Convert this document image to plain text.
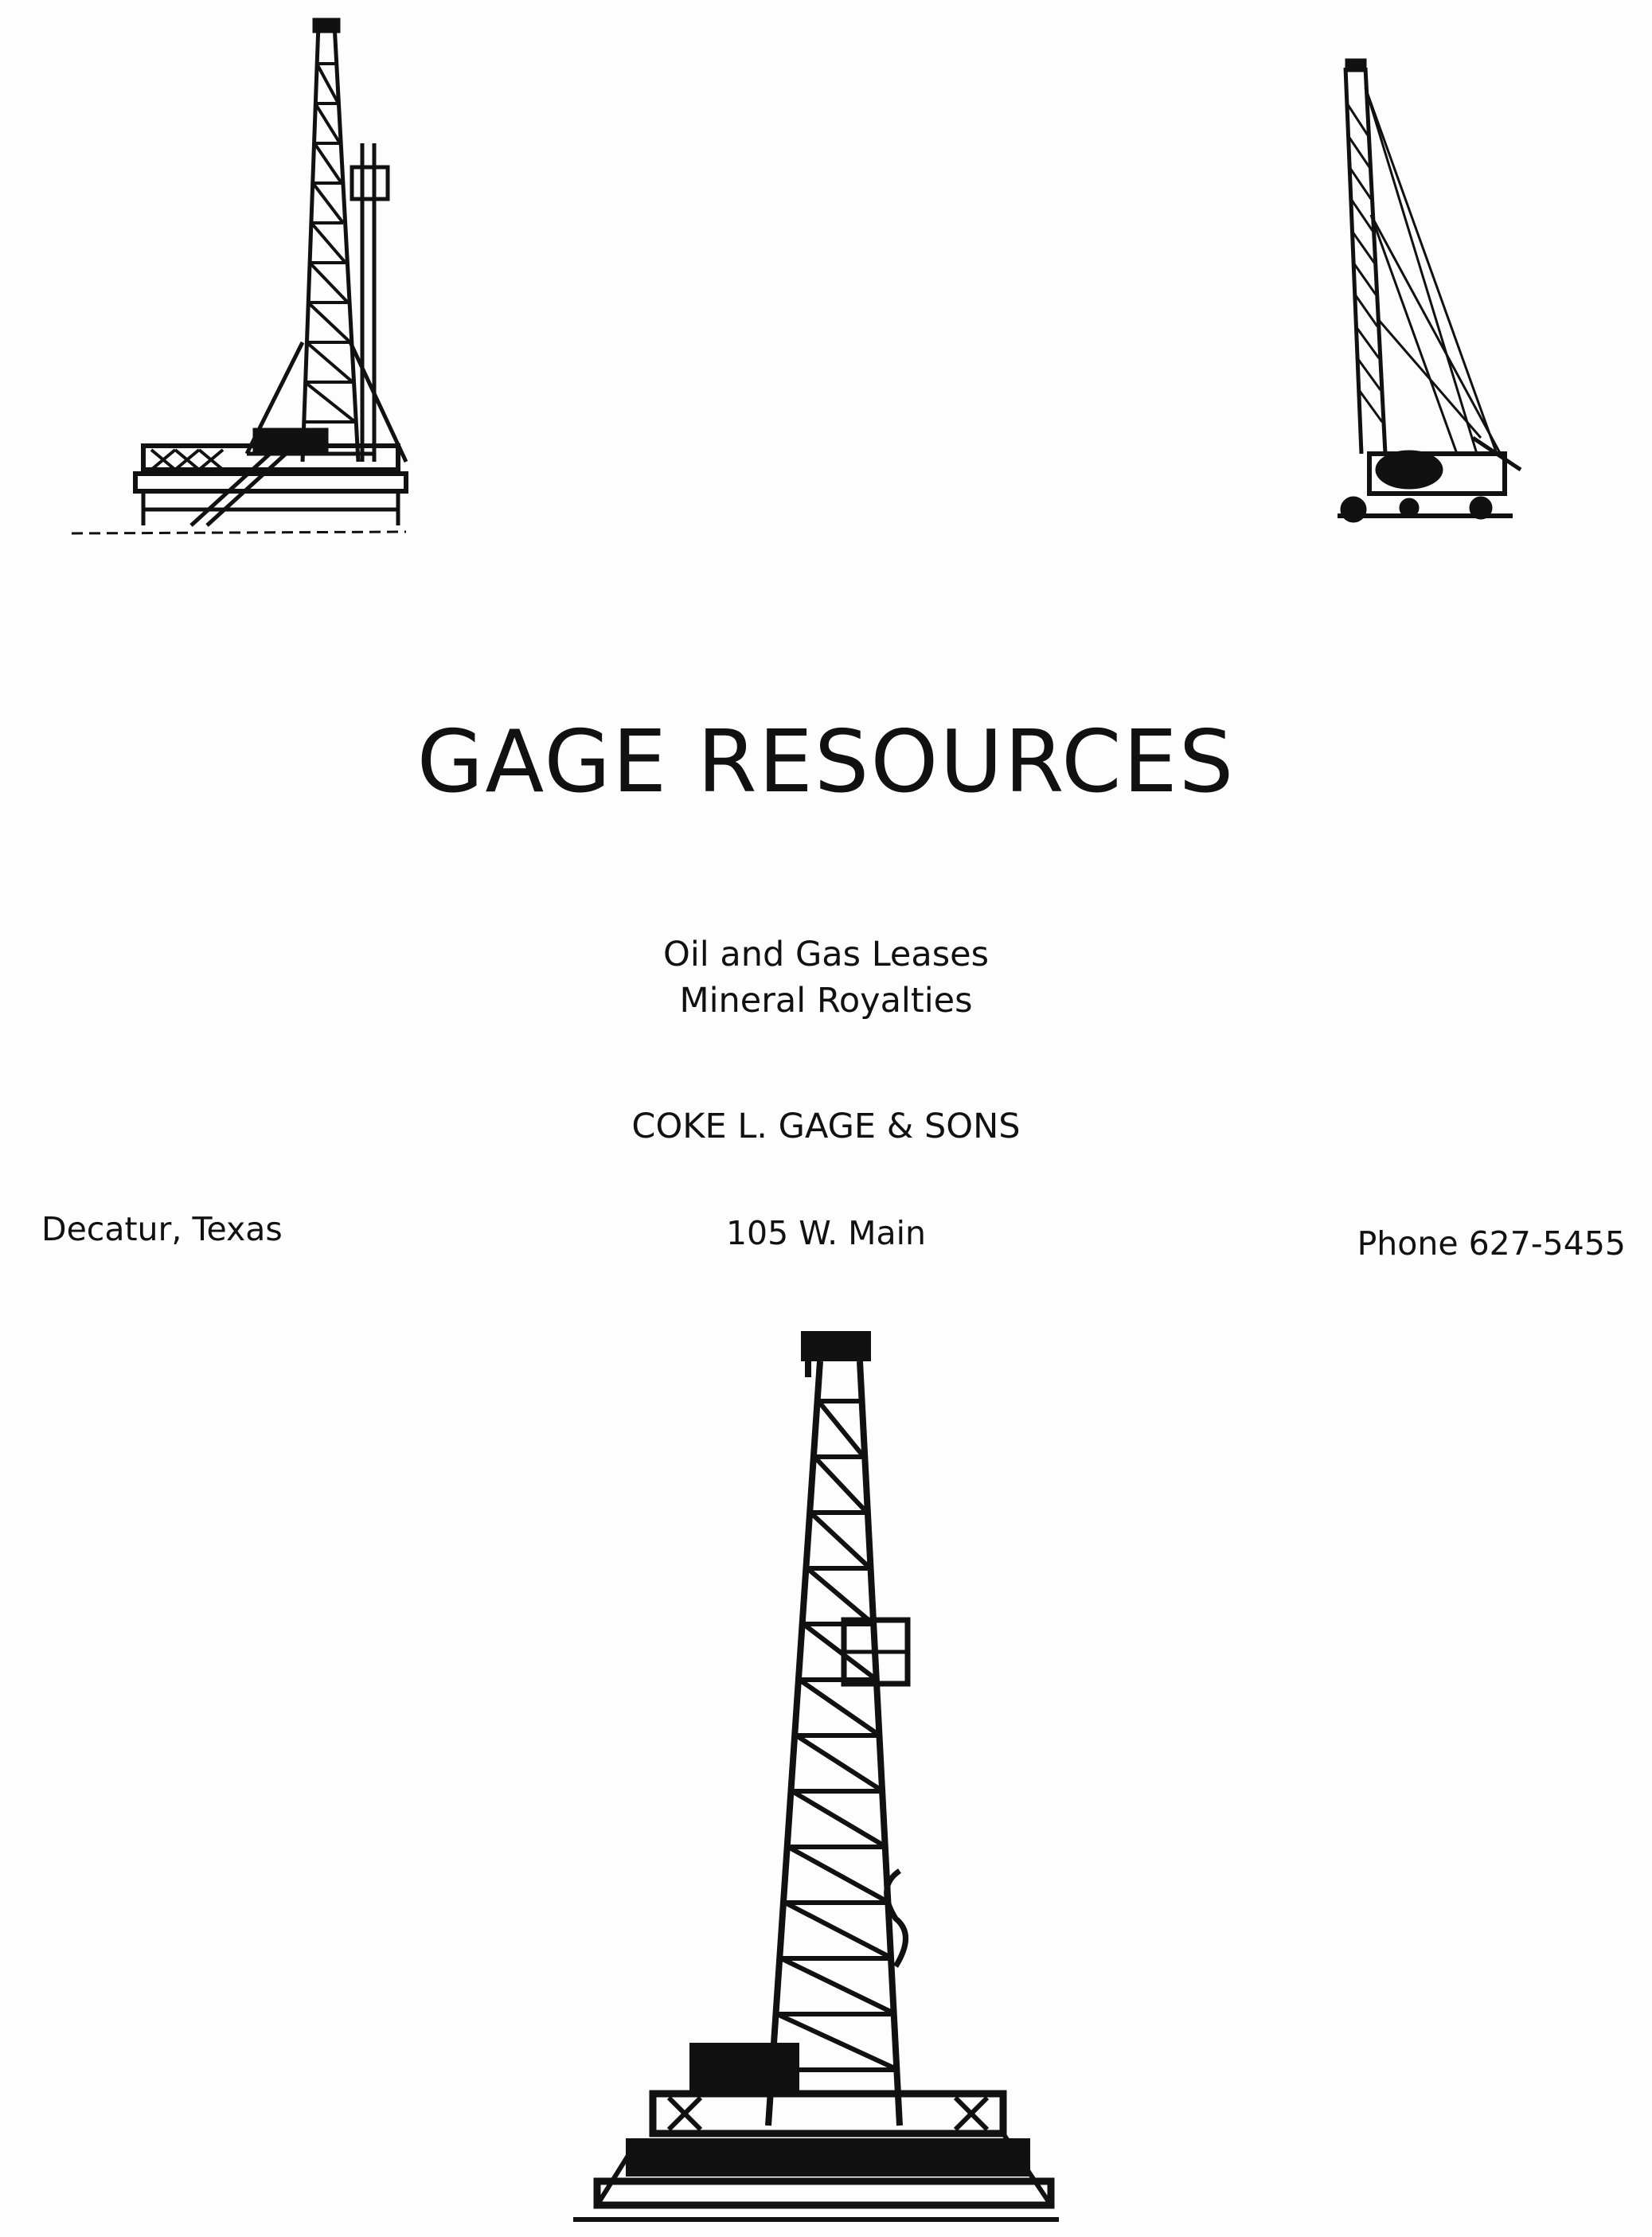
GAGE RESOURCES
Oil and Gas Leases
Mineral Royalties
COKE L. GAGE & SONS
Decatur, Texas	105 W. Main	Phone 627-5455
